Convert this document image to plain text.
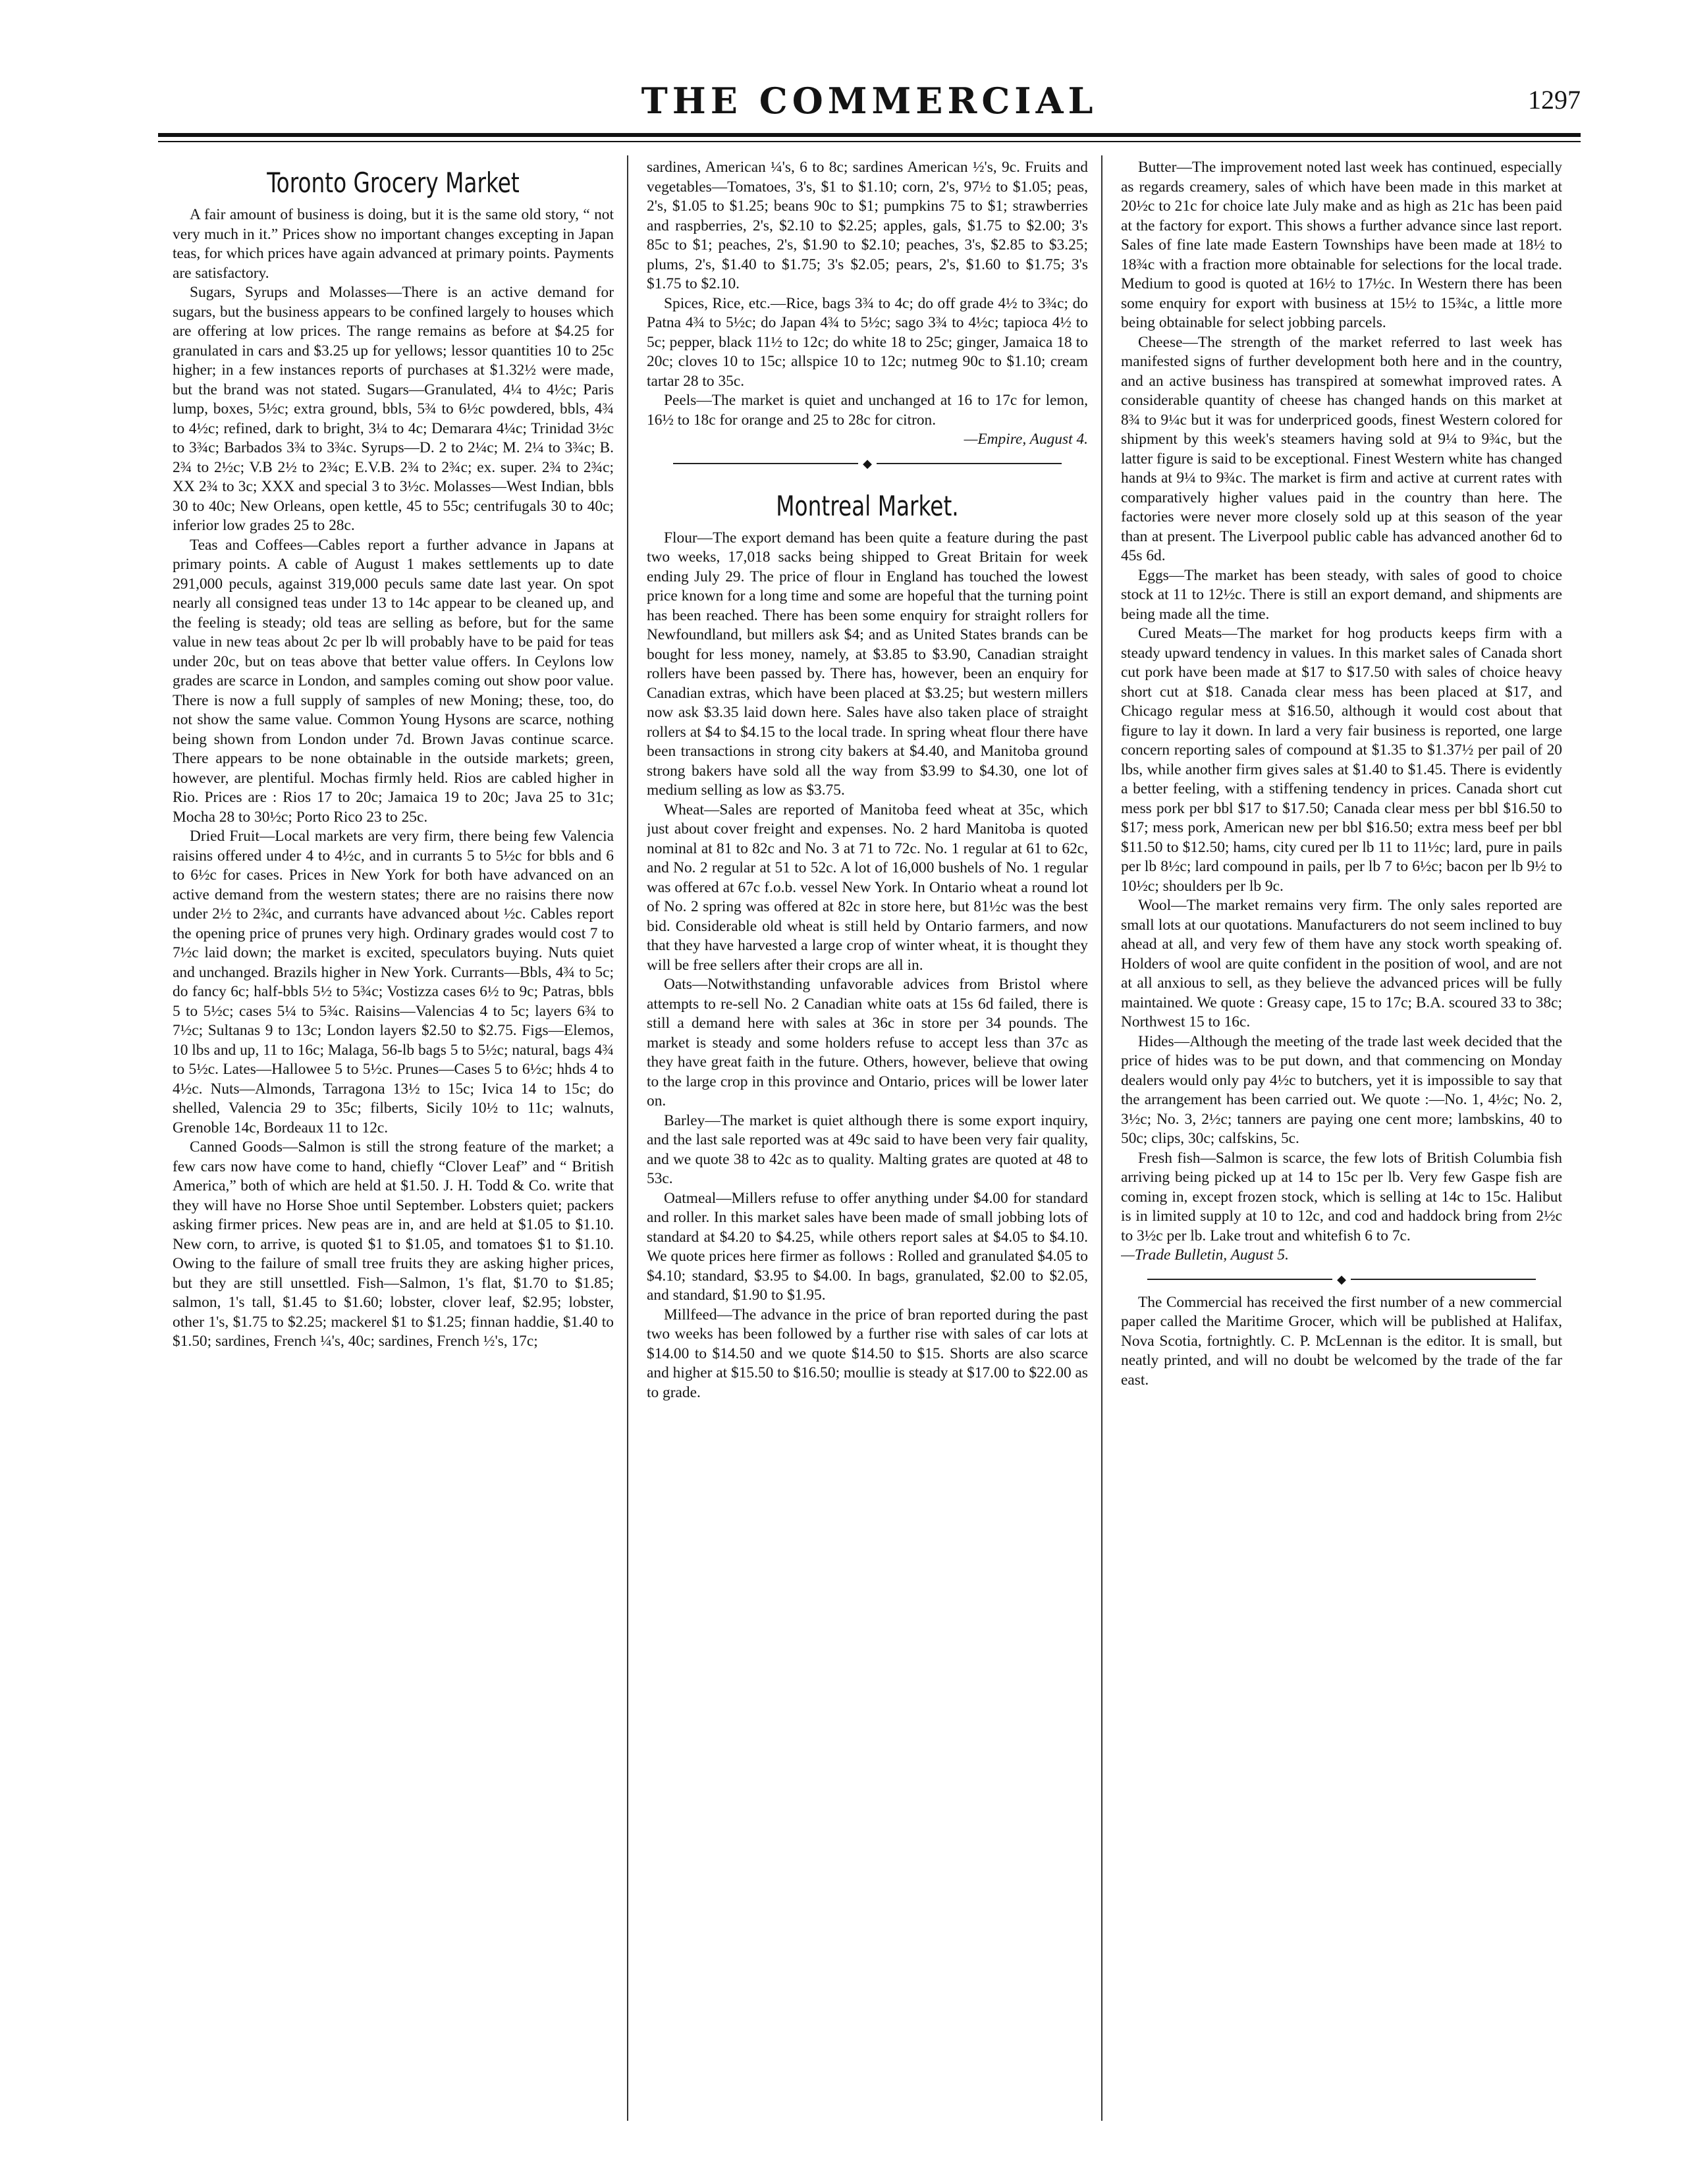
THE COMMERCIAL	1297
Toronto Grocery Market

A fair amount of business is doing, but it is the same old story, “ not very much in it.” Prices show no important changes excepting in Japan teas, for which prices have again advanced at primary points. Payments are satisfactory.

Sugars, Syrups and Molasses—There is an active demand for sugars, but the business appears to be confined largely to houses which are offering at low prices. The range remains as before at $4.25 for granulated in cars and $3.25 up for yellows; lessor quantities 10 to 25c higher; in a few instances reports of purchases at $1.32½ were made, but the brand was not stated. Sugars—Granulated, 4¼ to 4½c; Paris lump, boxes, 5½c; extra ground, bbls, 5¾ to 6½c powdered, bbls, 4¾ to 4½c; refined, dark to bright, 3¼ to 4c; Demarara 4¼c; Trinidad 3½c to 3¾c; Barbados 3¾ to 3¾c. Syrups—D. 2 to 2¼c; M. 2¼ to 3¾c; B. 2¾ to 2½c; V.B 2½ to 2¾c; E.V.B. 2¾ to 2¾c; ex. super. 2¾ to 2¾c; XX 2¾ to 3c; XXX and special 3 to 3½c. Molasses—West Indian, bbls 30 to 40c; New Orleans, open kettle, 45 to 55c; centrifugals 30 to 40c; inferior low grades 25 to 28c.

Teas and Coffees—Cables report a further advance in Japans at primary points. A cable of August 1 makes settlements up to date 291,000 peculs, against 319,000 peculs same date last year. On spot nearly all consigned teas under 13 to 14c appear to be cleaned up, and the feeling is steady; old teas are selling as before, but for the same value in new teas about 2c per lb will probably have to be paid for teas under 20c, but on teas above that better value offers. In Ceylons low grades are scarce in London, and samples coming out show poor value. There is now a full supply of samples of new Moning; these, too, do not show the same value. Common Young Hysons are scarce, nothing being shown from London under 7d. Brown Javas continue scarce. There appears to be none obtainable in the outside markets; green, however, are plentiful. Mochas firmly held. Rios are cabled higher in Rio. Prices are : Rios 17 to 20c; Jamaica 19 to 20c; Java 25 to 31c; Mocha 28 to 30½c; Porto Rico 23 to 25c.

Dried Fruit—Local markets are very firm, there being few Valencia raisins offered under 4 to 4½c, and in currants 5 to 5½c for bbls and 6 to 6½c for cases. Prices in New York for both have advanced on an active demand from the western states; there are no raisins there now under 2½ to 2¾c, and currants have advanced about ½c. Cables report the opening price of prunes very high. Ordinary grades would cost 7 to 7½c laid down; the market is excited, speculators buying. Nuts quiet and unchanged. Brazils higher in New York. Currants—Bbls, 4¾ to 5c; do fancy 6c; half-bbls 5½ to 5¾c; Vostizza cases 6½ to 9c; Patras, bbls 5 to 5½c; cases 5¼ to 5¾c. Raisins—Valencias 4 to 5c; layers 6¾ to 7½c; Sultanas 9 to 13c; London layers $2.50 to $2.75. Figs—Elemos, 10 lbs and up, 11 to 16c; Malaga, 56-lb bags 5 to 5½c; natural, bags 4¾ to 5½c. Lates—Hallowee 5 to 5½c. Prunes—Cases 5 to 6½c; hhds 4 to 4½c. Nuts—Almonds, Tarragona 13½ to 15c; Ivica 14 to 15c; do shelled, Valencia 29 to 35c; filberts, Sicily 10½ to 11c; walnuts, Grenoble 14c, Bordeaux 11 to 12c.

Canned Goods—Salmon is still the strong feature of the market; a few cars now have come to hand, chiefly “Clover Leaf” and “ British America,” both of which are held at $1.50. J. H. Todd & Co. write that they will have no Horse Shoe until September. Lobsters quiet; packers asking firmer prices. New peas are in, and are held at $1.05 to $1.10. New corn, to arrive, is quoted $1 to $1.05, and tomatoes $1 to $1.10. Owing to the failure of small tree fruits they are asking higher prices, but they are still unsettled. Fish—Salmon, 1's flat, $1.70 to $1.85; salmon, 1's tall, $1.45 to $1.60; lobster, clover leaf, $2.95; lobster, other 1's, $1.75 to $2.25; mackerel $1 to $1.25; finnan haddie, $1.40 to $1.50; sardines, French ¼'s, 40c; sardines, French ½'s, 17c;

sardines, American ¼'s, 6 to 8c; sardines American ½'s, 9c. Fruits and vegetables—Tomatoes, 3's, $1 to $1.10; corn, 2's, 97½ to $1.05; peas, 2's, $1.05 to $1.25; beans 90c to $1; pumpkins 75 to $1; strawberries and raspberries, 2's, $2.10 to $2.25; apples, gals, $1.75 to $2.00; 3's 85c to $1; peaches, 2's, $1.90 to $2.10; peaches, 3's, $2.85 to $3.25; plums, 2's, $1.40 to $1.75; 3's $2.05; pears, 2's, $1.60 to $1.75; 3's $1.75 to $2.10.

Spices, Rice, etc.—Rice, bags 3¾ to 4c; do off grade 4½ to 3¾c; do Patna 4¾ to 5½c; do Japan 4¾ to 5½c; sago 3¾ to 4½c; tapioca 4½ to 5c; pepper, black 11½ to 12c; do white 18 to 25c; ginger, Jamaica 18 to 20c; cloves 10 to 15c; allspice 10 to 12c; nutmeg 90c to $1.10; cream tartar 28 to 35c.

Peels—The market is quiet and unchanged at 16 to 17c for lemon, 16½ to 18c for orange and 25 to 28c for citron.

—Empire, August 4.

◆
Montreal Market.

Flour—The export demand has been quite a feature during the past two weeks, 17,018 sacks being shipped to Great Britain for week ending July 29. The price of flour in England has touched the lowest price known for a long time and some are hopeful that the turning point has been reached. There has been some enquiry for straight rollers for Newfoundland, but millers ask $4; and as United States brands can be bought for less money, namely, at $3.85 to $3.90, Canadian straight rollers have been passed by. There has, however, been an enquiry for Canadian extras, which have been placed at $3.25; but western millers now ask $3.35 laid down here. Sales have also taken place of straight rollers at $4 to $4.15 to the local trade. In spring wheat flour there have been transactions in strong city bakers at $4.40, and Manitoba ground strong bakers have sold all the way from $3.99 to $4.30, one lot of medium selling as low as $3.75.

Wheat—Sales are reported of Manitoba feed wheat at 35c, which just about cover freight and expenses. No. 2 hard Manitoba is quoted nominal at 81 to 82c and No. 3 at 71 to 72c. No. 1 regular at 61 to 62c, and No. 2 regular at 51 to 52c. A lot of 16,000 bushels of No. 1 regular was offered at 67c f.o.b. vessel New York. In Ontario wheat a round lot of No. 2 spring was offered at 82c in store here, but 81½c was the best bid. Considerable old wheat is still held by Ontario farmers, and now that they have harvested a large crop of winter wheat, it is thought they will be free sellers after their crops are all in.

Oats—Notwithstanding unfavorable advices from Bristol where attempts to re-sell No. 2 Canadian white oats at 15s 6d failed, there is still a demand here with sales at 36c in store per 34 pounds. The market is steady and some holders refuse to accept less than 37c as they have great faith in the future. Others, however, believe that owing to the large crop in this province and Ontario, prices will be lower later on.

Barley—The market is quiet although there is some export inquiry, and the last sale reported was at 49c said to have been very fair quality, and we quote 38 to 42c as to quality. Malting grates are quoted at 48 to 53c.

Oatmeal—Millers refuse to offer anything under $4.00 for standard and roller. In this market sales have been made of small jobbing lots of standard at $4.20 to $4.25, while others report sales at $4.05 to $4.10. We quote prices here firmer as follows : Rolled and granulated $4.05 to $4.10; standard, $3.95 to $4.00. In bags, granulated, $2.00 to $2.05, and standard, $1.90 to $1.95.

Millfeed—The advance in the price of bran reported during the past two weeks has been followed by a further rise with sales of car lots at $14.00 to $14.50 and we quote $14.50 to $15. Shorts are also scarce and higher at $15.50 to $16.50; moullie is steady at $17.00 to $22.00 as to grade.

Butter—The improvement noted last week has continued, especially as regards creamery, sales of which have been made in this market at 20½c to 21c for choice late July make and as high as 21c has been paid at the factory for export. This shows a further advance since last report. Sales of fine late made Eastern Townships have been made at 18½ to 18¾c with a fraction more obtainable for selections for the local trade. Medium to good is quoted at 16½ to 17½c. In Western there has been some enquiry for export with business at 15½ to 15¾c, a little more being obtainable for select jobbing parcels.

Cheese—The strength of the market referred to last week has manifested signs of further development both here and in the country, and an active business has transpired at somewhat improved rates. A considerable quantity of cheese has changed hands on this market at 8¾ to 9¼c but it was for underpriced goods, finest Western colored for shipment by this week's steamers having sold at 9¼ to 9¾c, but the latter figure is said to be exceptional. Finest Western white has changed hands at 9¼ to 9¾c. The market is firm and active at current rates with comparatively higher values paid in the country than here. The factories were never more closely sold up at this season of the year than at present. The Liverpool public cable has advanced another 6d to 45s 6d.

Eggs—The market has been steady, with sales of good to choice stock at 11 to 12½c. There is still an export demand, and shipments are being made all the time.

Cured Meats—The market for hog products keeps firm with a steady upward tendency in values. In this market sales of Canada short cut pork have been made at $17 to $17.50 with sales of choice heavy short cut at $18. Canada clear mess has been placed at $17, and Chicago regular mess at $16.50, although it would cost about that figure to lay it down. In lard a very fair business is reported, one large concern reporting sales of compound at $1.35 to $1.37½ per pail of 20 lbs, while another firm gives sales at $1.40 to $1.45. There is evidently a better feeling, with a stiffening tendency in prices. Canada short cut mess pork per bbl $17 to $17.50; Canada clear mess per bbl $16.50 to $17; mess pork, American new per bbl $16.50; extra mess beef per bbl $11.50 to $12.50; hams, city cured per lb 11 to 11½c; lard, pure in pails per lb 8½c; lard compound in pails, per lb 7 to 6½c; bacon per lb 9½ to 10½c; shoulders per lb 9c.

Wool—The market remains very firm. The only sales reported are small lots at our quotations. Manufacturers do not seem inclined to buy ahead at all, and very few of them have any stock worth speaking of. Holders of wool are quite confident in the position of wool, and are not at all anxious to sell, as they believe the advanced prices will be fully maintained. We quote : Greasy cape, 15 to 17c; B.A. scoured 33 to 38c; Northwest 15 to 16c.

Hides—Although the meeting of the trade last week decided that the price of hides was to be put down, and that commencing on Monday dealers would only pay 4½c to butchers, yet it is impossible to say that the arrangement has been carried out. We quote :—No. 1, 4½c; No. 2, 3½c; No. 3, 2½c; tanners are paying one cent more; lambskins, 40 to 50c; clips, 30c; calfskins, 5c.

Fresh fish—Salmon is scarce, the few lots of British Columbia fish arriving being picked up at 14 to 15c per lb. Very few Gaspe fish are coming in, except frozen stock, which is selling at 14c to 15c. Halibut is in limited supply at 10 to 12c, and cod and haddock bring from 2½c to 3½c per lb. Lake trout and whitefish 6 to 7c.

—Trade Bulletin, August 5.

◆

The Commercial has received the first number of a new commercial paper called the Maritime Grocer, which will be published at Halifax, Nova Scotia, fortnightly. C. P. McLennan is the editor. It is small, but neatly printed, and will no doubt be welcomed by the trade of the far east.
